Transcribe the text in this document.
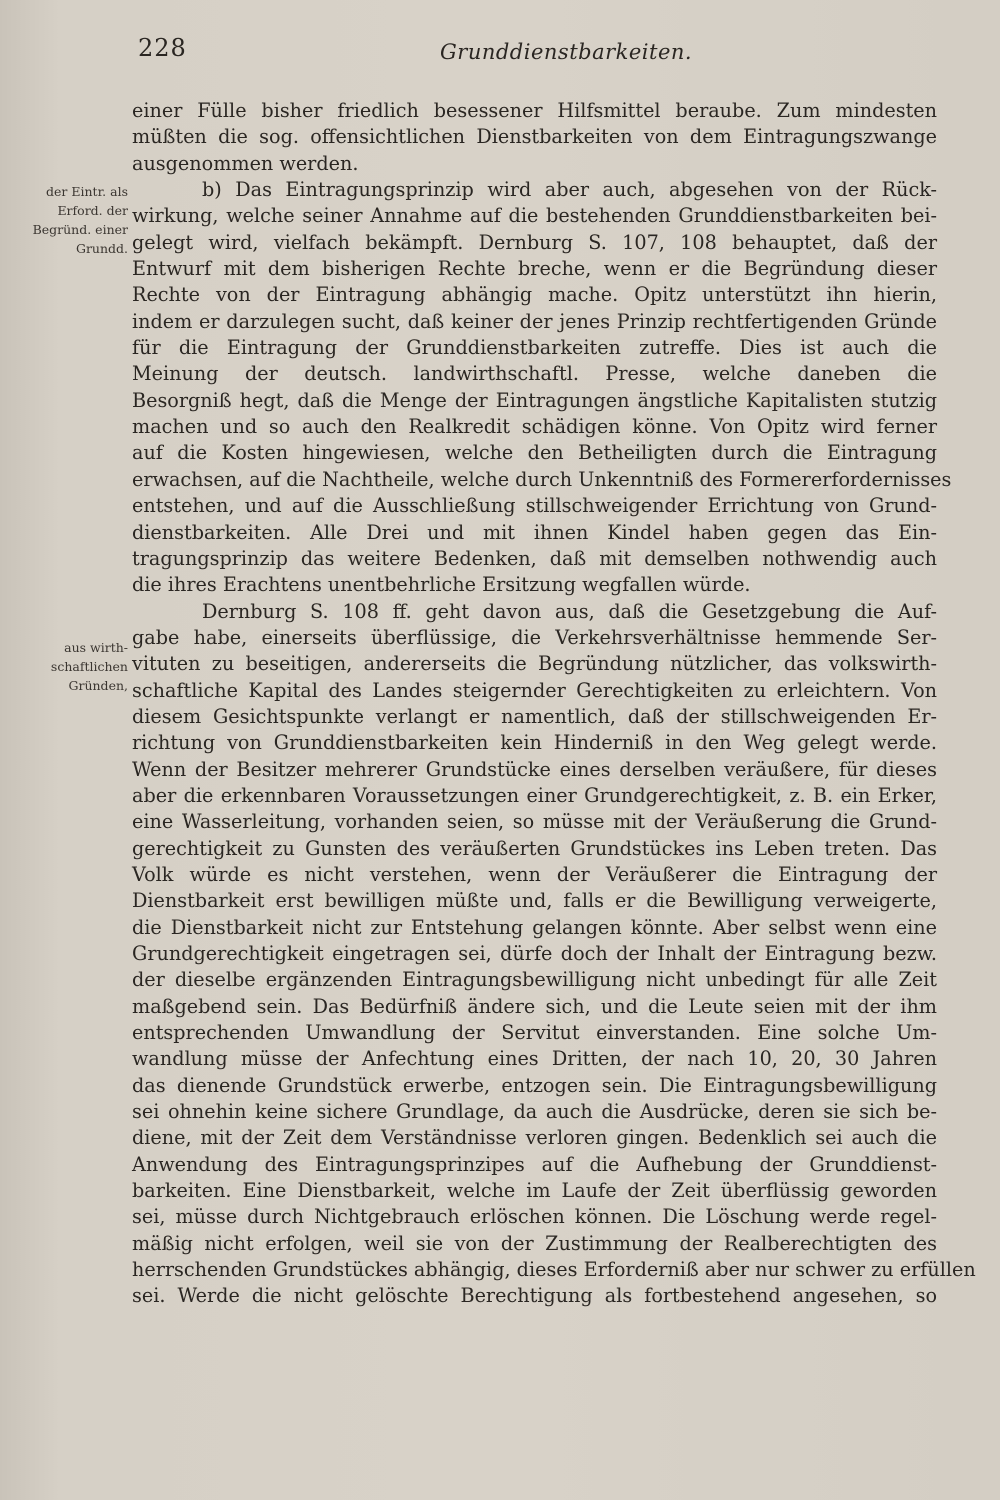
228	Grunddienstbarkeiten.
der Eintr. als Erford. der Begründ. einer Grundd.
aus wirth-schaftlichen Gründen,
einer Fülle bisher friedlich besessener Hilfsmittel beraube. Zum mindesten
müßten die sog. offensichtlichen Dienstbarkeiten von dem Eintragungszwange
ausgenommen werden.
b) Das Eintragungsprinzip wird aber auch, abgesehen von der Rück-
wirkung, welche seiner Annahme auf die bestehenden Grunddienstbarkeiten bei-
gelegt wird, vielfach bekämpft. Dernburg S. 107, 108 behauptet, daß der
Entwurf mit dem bisherigen Rechte breche, wenn er die Begründung dieser
Rechte von der Eintragung abhängig mache. Opitz unterstützt ihn hierin,
indem er darzulegen sucht, daß keiner der jenes Prinzip rechtfertigenden Gründe
für die Eintragung der Grunddienstbarkeiten zutreffe. Dies ist auch die
Meinung der deutsch. landwirthschaftl. Presse, welche daneben die
Besorgniß hegt, daß die Menge der Eintragungen ängstliche Kapitalisten stutzig
machen und so auch den Realkredit schädigen könne. Von Opitz wird ferner
auf die Kosten hingewiesen, welche den Betheiligten durch die Eintragung
erwachsen, auf die Nachtheile, welche durch Unkenntniß des Formererfordernisses
entstehen, und auf die Ausschließung stillschweigender Errichtung von Grund-
dienstbarkeiten. Alle Drei und mit ihnen Kindel haben gegen das Ein-
tragungsprinzip das weitere Bedenken, daß mit demselben nothwendig auch
die ihres Erachtens unentbehrliche Ersitzung wegfallen würde.
Dernburg S. 108 ff. geht davon aus, daß die Gesetzgebung die Auf-
gabe habe, einerseits überflüssige, die Verkehrsverhältnisse hemmende Ser-
vituten zu beseitigen, andererseits die Begründung nützlicher, das volkswirth-
schaftliche Kapital des Landes steigernder Gerechtigkeiten zu erleichtern. Von
diesem Gesichtspunkte verlangt er namentlich, daß der stillschweigenden Er-
richtung von Grunddienstbarkeiten kein Hinderniß in den Weg gelegt werde.
Wenn der Besitzer mehrerer Grundstücke eines derselben veräußere, für dieses
aber die erkennbaren Voraussetzungen einer Grundgerechtigkeit, z. B. ein Erker,
eine Wasserleitung, vorhanden seien, so müsse mit der Veräußerung die Grund-
gerechtigkeit zu Gunsten des veräußerten Grundstückes ins Leben treten. Das
Volk würde es nicht verstehen, wenn der Veräußerer die Eintragung der
Dienstbarkeit erst bewilligen müßte und, falls er die Bewilligung verweigerte,
die Dienstbarkeit nicht zur Entstehung gelangen könnte. Aber selbst wenn eine
Grundgerechtigkeit eingetragen sei, dürfe doch der Inhalt der Eintragung bezw.
der dieselbe ergänzenden Eintragungsbewilligung nicht unbedingt für alle Zeit
maßgebend sein. Das Bedürfniß ändere sich, und die Leute seien mit der ihm
entsprechenden Umwandlung der Servitut einverstanden. Eine solche Um-
wandlung müsse der Anfechtung eines Dritten, der nach 10, 20, 30 Jahren
das dienende Grundstück erwerbe, entzogen sein. Die Eintragungsbewilligung
sei ohnehin keine sichere Grundlage, da auch die Ausdrücke, deren sie sich be-
diene, mit der Zeit dem Verständnisse verloren gingen. Bedenklich sei auch die
Anwendung des Eintragungsprinzipes auf die Aufhebung der Grunddienst-
barkeiten. Eine Dienstbarkeit, welche im Laufe der Zeit überflüssig geworden
sei, müsse durch Nichtgebrauch erlöschen können. Die Löschung werde regel-
mäßig nicht erfolgen, weil sie von der Zustimmung der Realberechtigten des
herrschenden Grundstückes abhängig, dieses Erforderniß aber nur schwer zu erfüllen
sei. Werde die nicht gelöschte Berechtigung als fortbestehend angesehen, so
